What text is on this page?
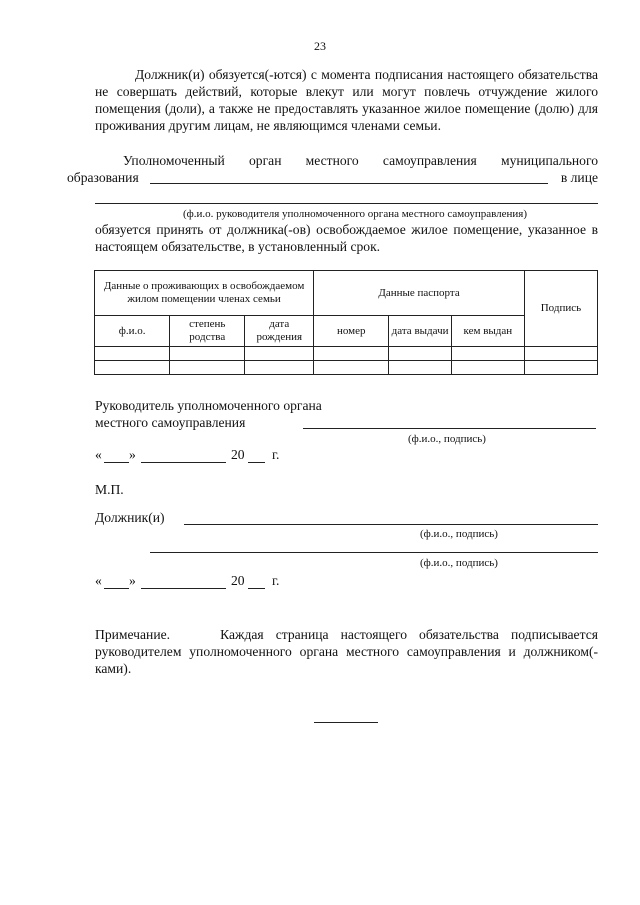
23
Должник(и) обязуется(-ются) с момента подписания настоящего обязательства не совершать действий, которые влекут или могут повлечь отчуждение жилого помещения (доли), а также не предоставлять указанное жилое помещение (долю) для проживания другим лицам, не являющимся членами семьи.
Уполномоченный орган местного самоуправления муниципального
образования	в лице
(ф.и.о. руководителя уполномоченного органа местного самоуправления)
обязуется принять от должника(-ов) освобождаемое жилое помещение, указанное в настоящем обязательстве, в установленный срок.
Данные о проживающих в освобождаемом жилом помещении членах семьи			Данные паспорта			Подпись
ф.и.о.	степень родства	дата рождения	номер	дата выдачи	кем выдан	

Руководитель уполномоченного органа
местного самоуправления
(ф.и.о., подпись)
« »	20 г.
М.П.
Должник(и)
(ф.и.о., подпись)
(ф.и.о., подпись)
« »	20 г.
Примечание.	Каждая страница настоящего обязательства подписывается руководителем уполномоченного органа местного самоуправления и должником(-ками).
